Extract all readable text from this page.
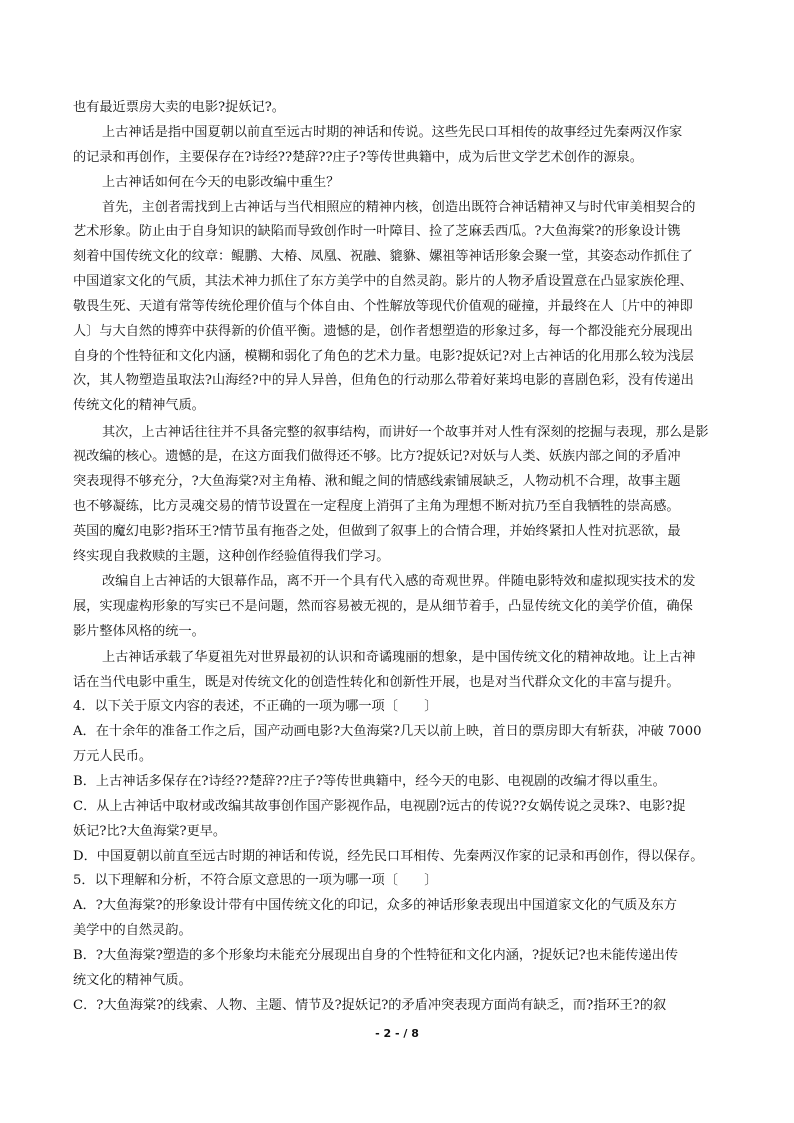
也有最近票房大卖的电影?捉妖记?。
上古神话是指中国夏朝以前直至远古时期的神话和传说。这些先民口耳相传的故事经过先秦两汉作家
的记录和再创作，主要保存在?诗经??楚辞??庄子?等传世典籍中，成为后世文学艺术创作的源泉。
上古神话如何在今天的电影改编中重生？
首先，主创者需找到上古神话与当代相照应的精神内核，创造出既符合神话精神又与时代审美相契合的
艺术形象。防止由于自身知识的缺陷而导致创作时一叶障目、捡了芝麻丢西瓜。?大鱼海棠?的形象设计镌
刻着中国传统文化的纹章：鲲鹏、大椿、凤凰、祝融、貔貅、嫘祖等神话形象会聚一堂，其姿态动作抓住了
中国道家文化的气质，其法术神力抓住了东方美学中的自然灵韵。影片的人物矛盾设置意在凸显家族伦理、
敬畏生死、天道有常等传统伦理价值与个体自由、个性解放等现代价值观的碰撞，并最终在人〔片中的神即
人〕与大自然的博弈中获得新的价值平衡。遗憾的是，创作者想塑造的形象过多，每一个都没能充分展现出
自身的个性特征和文化内涵，模糊和弱化了角色的艺术力量。电影?捉妖记?对上古神话的化用那么较为浅层
次，其人物塑造虽取法?山海经?中的异人异兽，但角色的行动那么带着好莱坞电影的喜剧色彩，没有传递出
传统文化的精神气质。
其次，上古神话往往并不具备完整的叙事结构，而讲好一个故事并对人性有深刻的挖掘与表现，那么是影
视改编的核心。遗憾的是，在这方面我们做得还不够。比方?捉妖记?对妖与人类、妖族内部之间的矛盾冲
突表现得不够充分，?大鱼海棠?对主角椿、湫和鲲之间的情感线索铺展缺乏，人物动机不合理，故事主题
也不够凝练，比方灵魂交易的情节设置在一定程度上消弭了主角为理想不断对抗乃至自我牺牲的崇高感。
英国的魔幻电影?指环王?情节虽有拖沓之处，但做到了叙事上的合情合理，并始终紧扣人性对抗恶欲，最
终实现自我救赎的主题，这种创作经验值得我们学习。
改编自上古神话的大银幕作品，离不开一个具有代入感的奇观世界。伴随电影特效和虚拟现实技术的发
展，实现虚构形象的写实已不是问题，然而容易被无视的，是从细节着手，凸显传统文化的美学价值，确保
影片整体风格的统一。
上古神话承载了华夏祖先对世界最初的认识和奇谲瑰丽的想象，是中国传统文化的精神故地。让上古神
话在当代电影中重生，既是对传统文化的创造性转化和创新性开展，也是对当代群众文化的丰富与提升。
4．以下关于原文内容的表述，不正确的一项为哪一项〔　　〕
A．在十余年的准备工作之后，国产动画电影?大鱼海棠?几天以前上映，首日的票房即大有斩获，冲破 7000
万元人民币。
B．上古神话多保存在?诗经??楚辞??庄子?等传世典籍中，经今天的电影、电视剧的改编才得以重生。
C．从上古神话中取材或改编其故事创作国产影视作品，电视剧?远古的传说??女娲传说之灵珠?、电影?捉
妖记?比?大鱼海棠?更早。
D．中国夏朝以前直至远古时期的神话和传说，经先民口耳相传、先秦两汉作家的记录和再创作，得以保存。
5．以下理解和分析，不符合原文意思的一项为哪一项〔　　〕
A．?大鱼海棠?的形象设计带有中国传统文化的印记，众多的神话形象表现出中国道家文化的气质及东方
美学中的自然灵韵。
B．?大鱼海棠?塑造的多个形象均未能充分展现出自身的个性特征和文化内涵，?捉妖记?也未能传递出传
统文化的精神气质。
C．?大鱼海棠?的线索、人物、主题、情节及?捉妖记?的矛盾冲突表现方面尚有缺乏，而?指环王?的叙
- 2 - / 8
